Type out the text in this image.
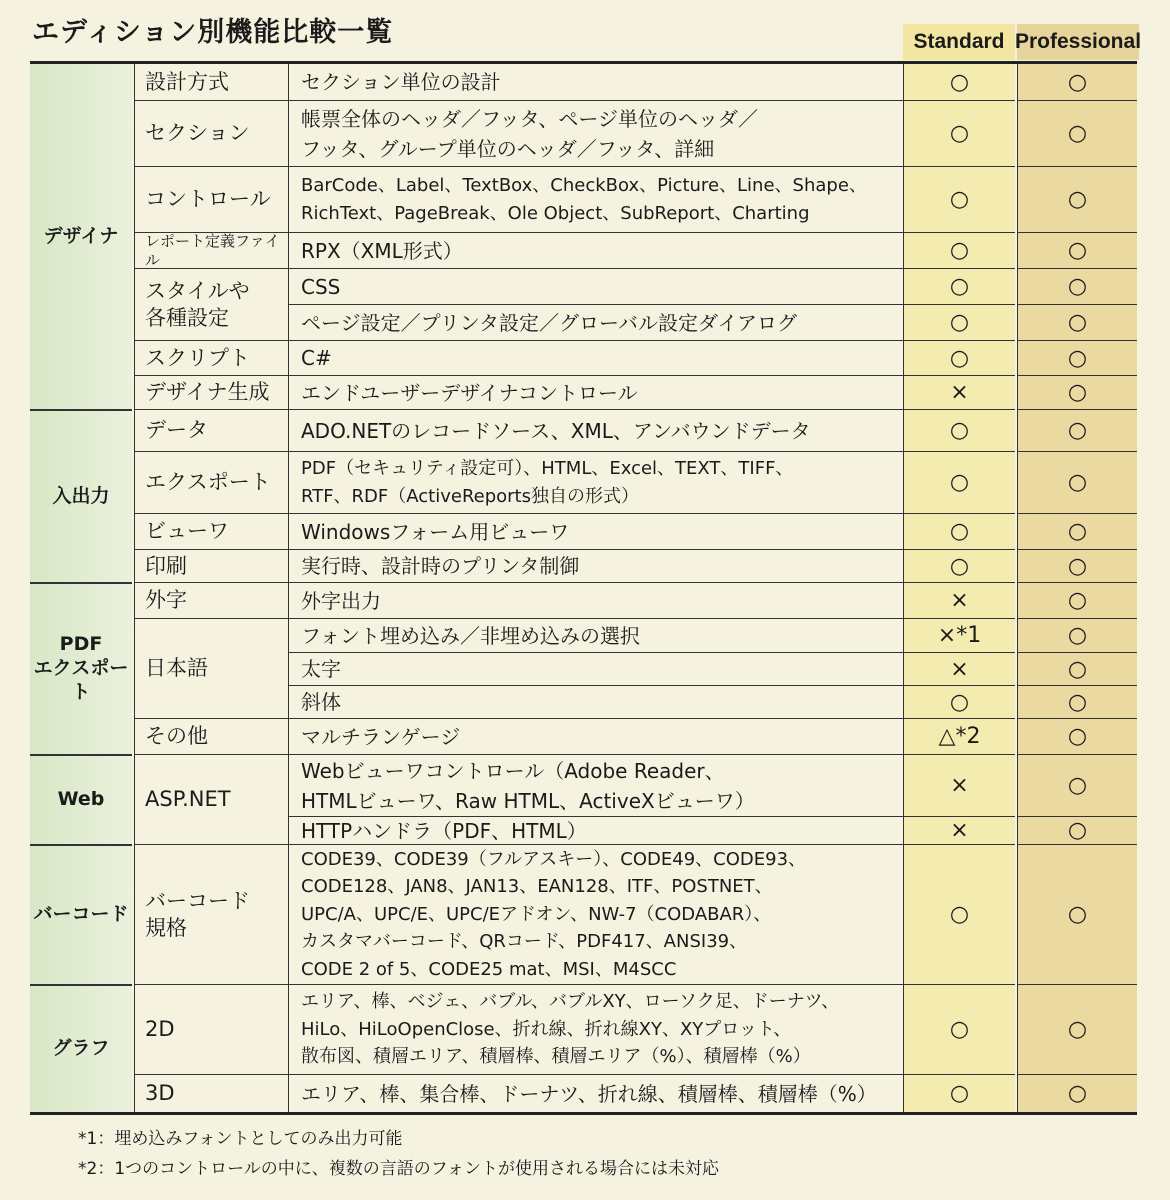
エディション別機能比較一覧	Standard Professional
デザイナ
入出力
PDF
エクスポート
Web
バーコード
グラフ
設計方式
セクション
コントロール
レポート定義ファイル
スタイルや
各種設定
スクリプト
デザイナ生成
データ
エクスポート
ビューワ
印刷
外字
日本語
その他
ASP.NET
バーコード
規格
2D
3D
セクション単位の設計
帳票全体のヘッダ／フッタ、ページ単位のヘッダ／
フッタ、グループ単位のヘッダ／フッタ、詳細
BarCode、Label、TextBox、CheckBox、Picture、Line、Shape、
RichText、PageBreak、Ole Object、SubReport、Charting
RPX（XML形式）
CSS
ページ設定／プリンタ設定／グローバル設定ダイアログ
C#
エンドユーザーデザイナコントロール
ADO.NETのレコードソース、XML、アンバウンドデータ
PDF（セキュリティ設定可）、HTML、Excel、TEXT、TIFF、
RTF、RDF（ActiveReports独自の形式）
Windowsフォーム用ビューワ
実行時、設計時のプリンタ制御
外字出力
フォント埋め込み／非埋め込みの選択
太字
斜体
マルチランゲージ
Webビューワコントロール（Adobe Reader、
HTMLビューワ、Raw HTML、ActiveXビューワ）
HTTPハンドラ（PDF、HTML）
CODE39、CODE39（フルアスキー）、CODE49、CODE93、
CODE128、JAN8、JAN13、EAN128、ITF、POSTNET、
UPC/A、UPC/E、UPC/Eアドオン、NW-7（CODABAR）、
カスタマバーコード、QRコード、PDF417、ANSI39、
CODE 2 of 5、CODE25 mat、MSI、M4SCC
エリア、棒、ベジェ、バブル、バブルXY、ローソク足、ドーナツ、
HiLo、HiLoOpenClose、折れ線、折れ線XY、XYプロット、
散布図、積層エリア、積層棒、積層エリア（%）、積層棒（%）
エリア、棒、集合棒、ドーナツ、折れ線、積層棒、積層棒（%）
○
○
○
○
○
○
○
×
○
○
○
○
×
×*1
×
○
△*2
×
×
○
○
○
○
○
○
○
○
○
○
○
○
○
○
○
○
○
○
○
○
○
○
○
○
○
*1：埋め込みフォントとしてのみ出力可能
*2：1つのコントロールの中に、複数の言語のフォントが使用される場合には未対応
